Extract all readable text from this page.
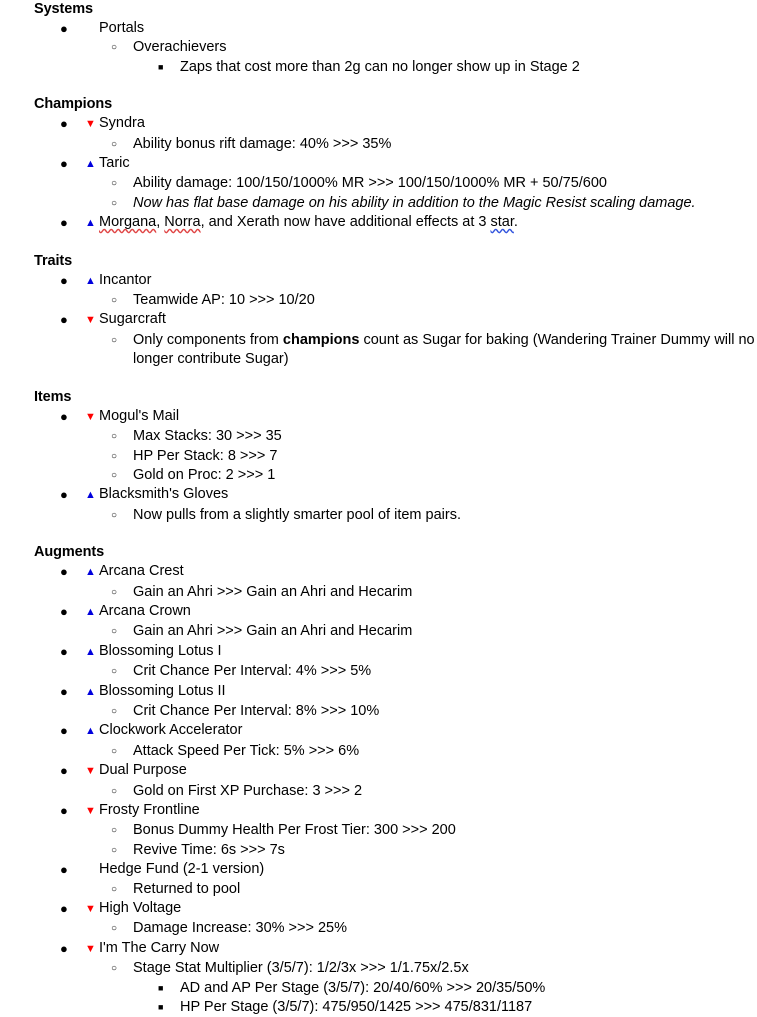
Systems
● Portals
○ Overachievers
■ Zaps that cost more than 2g can no longer show up in Stage 2
Champions
● ▼ Syndra
○ Ability bonus rift damage: 40% >>> 35%
● ▲ Taric
○ Ability damage: 100/150/1000% MR >>> 100/150/1000% MR + 50/75/600
○ Now has flat base damage on his ability in addition to the Magic Resist scaling damage.
● ▲ Morgana, Norra, and Xerath now have additional effects at 3 star.
Traits
● ▲ Incantor
○ Teamwide AP: 10 >>> 10/20
● ▼ Sugarcraft
○ Only components from champions count as Sugar for baking (Wandering Trainer Dummy will no longer contribute Sugar)
Items
● ▼ Mogul's Mail
○ Max Stacks: 30 >>> 35
○ HP Per Stack: 8 >>> 7
○ Gold on Proc: 2 >>> 1
● ▲ Blacksmith's Gloves
○ Now pulls from a slightly smarter pool of item pairs.
Augments
● ▲ Arcana Crest
○ Gain an Ahri >>> Gain an Ahri and Hecarim
● ▲ Arcana Crown
○ Gain an Ahri >>> Gain an Ahri and Hecarim
● ▲ Blossoming Lotus I
○ Crit Chance Per Interval: 4% >>> 5%
● ▲ Blossoming Lotus II
○ Crit Chance Per Interval: 8% >>> 10%
● ▲ Clockwork Accelerator
○ Attack Speed Per Tick: 5% >>> 6%
● ▼ Dual Purpose
○ Gold on First XP Purchase: 3 >>> 2
● ▼ Frosty Frontline
○ Bonus Dummy Health Per Frost Tier: 300 >>> 200
○ Revive Time: 6s >>> 7s
● Hedge Fund (2-1 version)
○ Returned to pool
● ▼ High Voltage
○ Damage Increase: 30% >>> 25%
● ▼ I'm The Carry Now
○ Stage Stat Multiplier (3/5/7): 1/2/3x >>> 1/1.75x/2.5x
■ AD and AP Per Stage (3/5/7): 20/40/60% >>> 20/35/50%
■ HP Per Stage (3/5/7): 475/950/1425 >>> 475/831/1187
